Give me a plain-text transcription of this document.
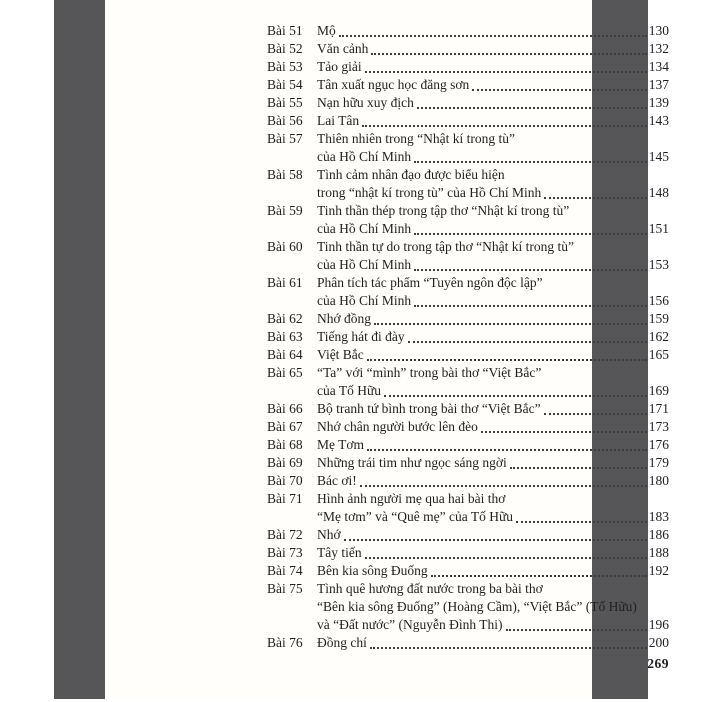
Bài 51	Mộ	130
Bài 52	Văn cảnh	132
Bài 53	Tảo giải	134
Bài 54	Tân xuất ngục học đăng sơn	137
Bài 55	Nạn hữu xuy địch	139
Bài 56	Lai Tân	143
Bài 57	Thiên nhiên trong “Nhật kí trong tù”
của Hồ Chí Minh	145
Bài 58	Tình cảm nhân đạo được biểu hiện
trong “nhật kí trong tù” của Hồ Chí Minh	148
Bài 59	Tinh thần thép trong tập thơ “Nhật kí trong tù”
của Hồ Chí Minh	151
Bài 60	Tinh thần tự do trong tập thơ “Nhật kí trong tù”
của Hồ Chí Minh	153
Bài 61	Phân tích tác phẩm “Tuyên ngôn độc lập”
của Hồ Chí Minh	156
Bài 62	Nhớ đồng	159
Bài 63	Tiếng hát đi đày	162
Bài 64	Việt Bắc	165
Bài 65	“Ta” với “mình” trong bài thơ “Việt Bắc”
của Tố Hữu	169
Bài 66	Bộ tranh tứ bình trong bài thơ “Việt Bắc”	171
Bài 67	Nhớ chân người bước lên đèo	173
Bài 68	Mẹ Tơm	176
Bài 69	Những trái tim như ngọc sáng ngời	179
Bài 70	Bác ơi!	180
Bài 71	Hình ảnh người mẹ qua hai bài thơ
“Mẹ tơm” và “Quê mẹ” của Tố Hữu	183
Bài 72	Nhớ	186
Bài 73	Tây tiến	188
Bài 74	Bên kia sông Đuống	192
Bài 75	Tình quê hương đất nước trong ba bài thơ
“Bên kia sông Đuống” (Hoàng Cầm), “Việt Bắc” (Tố Hữu)
và “Đất nước” (Nguyễn Đình Thi)	196
Bài 76	Đồng chí	200
269
